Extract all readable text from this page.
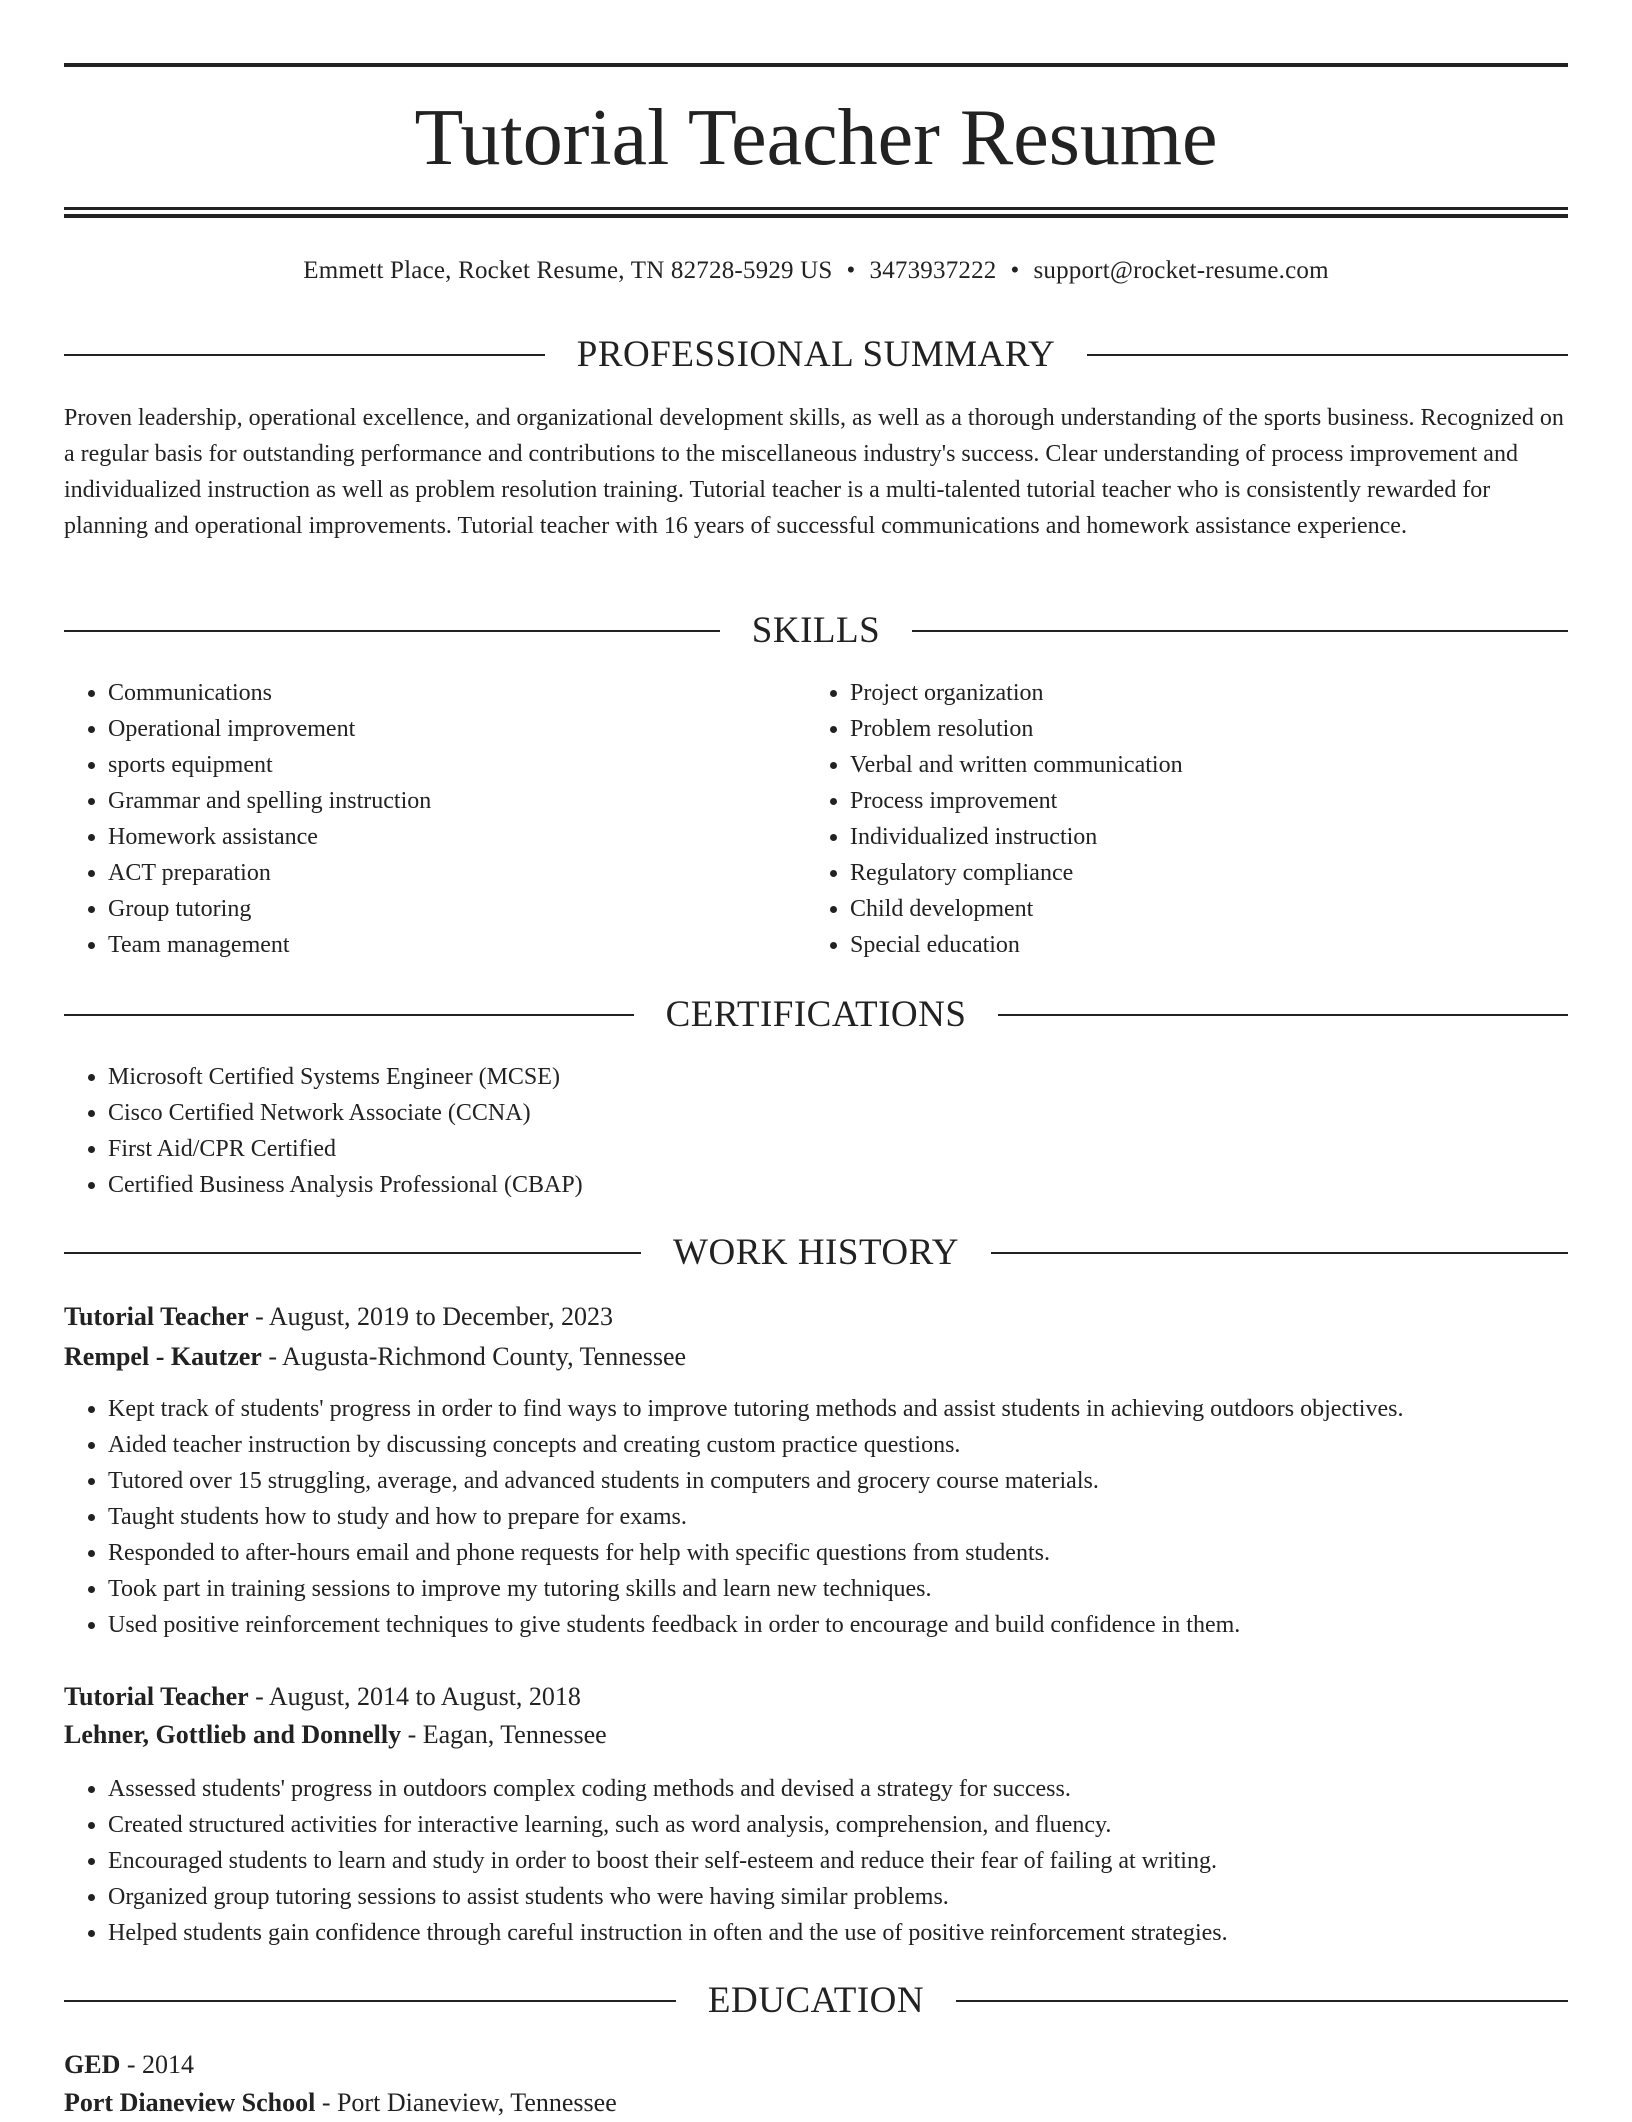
Tutorial Teacher Resume
Emmett Place, Rocket Resume, TN 82728-5929 US • 3473937222 • support@rocket-resume.com
PROFESSIONAL SUMMARY

Proven leadership, operational excellence, and organizational development skills, as well as a thorough understanding of the sports business. Recognized on a regular basis for outstanding performance and contributions to the miscellaneous industry's success. Clear understanding of process improvement and individualized instruction as well as problem resolution training. Tutorial teacher is a multi-talented tutorial teacher who is consistently rewarded for planning and operational improvements. Tutorial teacher with 16 years of successful communications and homework assistance experience.

SKILLS
• Communications
• Operational improvement
• sports equipment
• Grammar and spelling instruction
• Homework assistance
• ACT preparation
• Group tutoring
• Team management
• Project organization
• Problem resolution
• Verbal and written communication
• Process improvement
• Individualized instruction
• Regulatory compliance
• Child development
• Special education
CERTIFICATIONS
• Microsoft Certified Systems Engineer (MCSE)
• Cisco Certified Network Associate (CCNA)
• First Aid/CPR Certified
• Certified Business Analysis Professional (CBAP)
WORK HISTORY
Tutorial Teacher - August, 2019 to December, 2023
Rempel - Kautzer - Augusta-Richmond County, Tennessee
• Kept track of students' progress in order to find ways to improve tutoring methods and assist students in achieving outdoors objectives.
• Aided teacher instruction by discussing concepts and creating custom practice questions.
• Tutored over 15 struggling, average, and advanced students in computers and grocery course materials.
• Taught students how to study and how to prepare for exams.
• Responded to after-hours email and phone requests for help with specific questions from students.
• Took part in training sessions to improve my tutoring skills and learn new techniques.
• Used positive reinforcement techniques to give students feedback in order to encourage and build confidence in them.
Tutorial Teacher - August, 2014 to August, 2018
Lehner, Gottlieb and Donnelly - Eagan, Tennessee
• Assessed students' progress in outdoors complex coding methods and devised a strategy for success.
• Created structured activities for interactive learning, such as word analysis, comprehension, and fluency.
• Encouraged students to learn and study in order to boost their self-esteem and reduce their fear of failing at writing.
• Organized group tutoring sessions to assist students who were having similar problems.
• Helped students gain confidence through careful instruction in often and the use of positive reinforcement strategies.
EDUCATION
GED - 2014
Port Dianeview School - Port Dianeview, Tennessee
